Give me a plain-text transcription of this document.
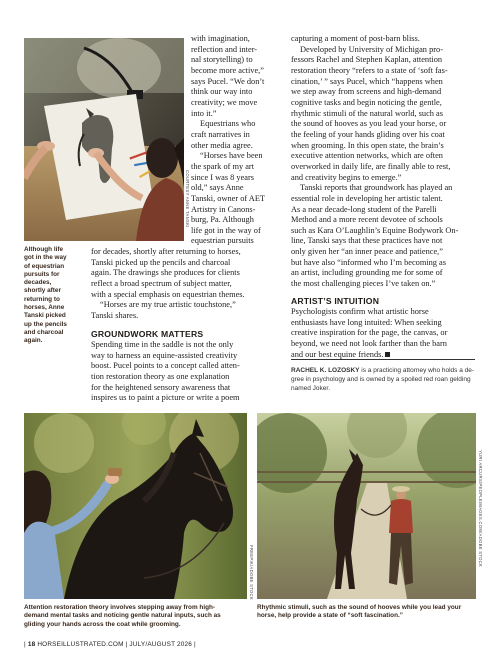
COURTESY ANNE TANSKI
Although life
got in the way
of equestrian
pursuits for
decades,
shortly after
returning to
horses, Anne
Tanski picked
up the pencils
and charcoal
again.
with imagination,
reflection and inter-
nal storytelling) to
become more active,”
says Pucel. “We don’t
think our way into
creativity; we move
into it.”
Equestrians who
craft narratives in
other media agree.
“Horses have been
the spark of my art
since I was 8 years
old,” says Anne
Tanski, owner of AET
Artistry in Canons-
burg, Pa. Although
life got in the way of
equestrian pursuits
for decades, shortly after returning to horses,
Tanski picked up the pencils and charcoal
again. The drawings she produces for clients
reflect a broad spectrum of subject matter,
with a special emphasis on equestrian themes.
“Horses are my true artistic touchstone,”
Tanski shares.
GROUNDWORK MATTERS
Spending time in the saddle is not the only
way to harness an equine-assisted creativity
boost. Pucel points to a concept called atten-
tion restoration theory as one explanation
for the heightened sensory awareness that
inspires us to paint a picture or write a poem
capturing a moment of post-barn bliss.
Developed by University of Michigan pro-
fessors Rachel and Stephen Kaplan, attention
restoration theory “refers to a state of ‘soft fas-
cination,’ ” says Pucel, which “happens when
we step away from screens and high-demand
cognitive tasks and begin noticing the gentle,
rhythmic stimuli of the natural world, such as
the sound of hooves as you lead your horse, or
the feeling of your hands gliding over his coat
when grooming. In this open state, the brain’s
executive attention networks, which are often
overworked in daily life, are finally able to rest,
and creativity begins to emerge.”
Tanski reports that groundwork has played an
essential role in developing her artistic talent.
As a near decade-long student of the Parelli
Method and a more recent devotee of schools
such as Kara O’Laughlin’s Equine Bodywork On-
line, Tanski says that these practices have not
only given her “an inner peace and patience,”
but have also “informed who I’m becoming as
an artist, including grounding me for some of
the most challenging pieces I’ve taken on.”
ARTIST’S INTUITION
Psychologists confirm what artistic horse
enthusiasts have long intuited: When seeking
creative inspiration for the page, the canvas, or
beyond, we need not look farther than the barn
and our best equine friends.
RACHEL K. LOZOSKY is a practicing attorney who holds a de-
gree in psychology and is owned by a spoiled red roan gelding
named Joker.
FREEPIK/ADOBE STOCK
YURI ARCURS/PEOPLEIMAGES.COM/ADOBE STOCK
Attention restoration theory involves stepping away from high-
demand mental tasks and noticing gentle natural inputs, such as
gliding your hands across the coat while grooming.
Rhythmic stimuli, such as the sound of hooves while you lead your
horse, help provide a state of “soft fascination.”
| 18 HORSEILLUSTRATED.COM | JULY/AUGUST 2026 |
